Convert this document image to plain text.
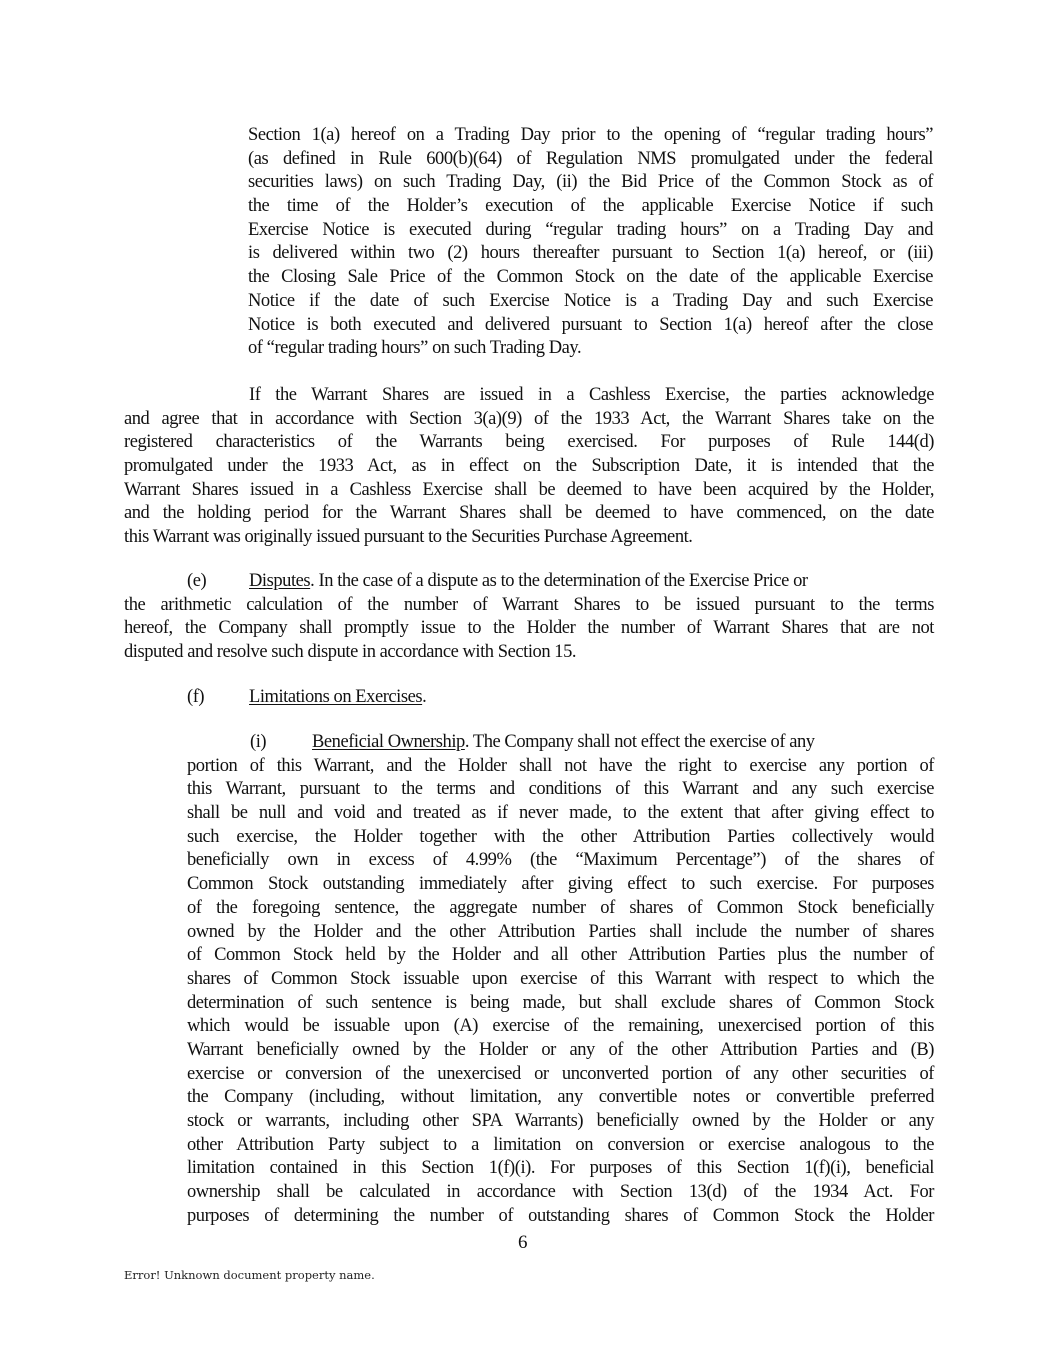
Section 1(a) hereof on a Trading Day prior to the opening of “regular trading hours”
(as defined in Rule 600(b)(64) of Regulation NMS promulgated under the federal
securities laws) on such Trading Day, (ii) the Bid Price of the Common Stock as of
the time of the Holder’s execution of the applicable Exercise Notice if such
Exercise Notice is executed during “regular trading hours” on a Trading Day and
is delivered within two (2) hours thereafter pursuant to Section 1(a) hereof, or (iii)
the Closing Sale Price of the Common Stock on the date of the applicable Exercise
Notice if the date of such Exercise Notice is a Trading Day and such Exercise
Notice is both executed and delivered pursuant to Section 1(a) hereof after the close
of “regular trading hours” on such Trading Day.
If the Warrant Shares are issued in a Cashless Exercise, the parties acknowledge
and agree that in accordance with Section 3(a)(9) of the 1933 Act, the Warrant Shares take on the
registered characteristics of the Warrants being exercised. For purposes of Rule 144(d)
promulgated under the 1933 Act, as in effect on the Subscription Date, it is intended that the
Warrant Shares issued in a Cashless Exercise shall be deemed to have been acquired by the Holder,
and the holding period for the Warrant Shares shall be deemed to have commenced, on the date
this Warrant was originally issued pursuant to the Securities Purchase Agreement.
(e) Disputes. In the case of a dispute as to the determination of the Exercise Price or
the arithmetic calculation of the number of Warrant Shares to be issued pursuant to the terms
hereof, the Company shall promptly issue to the Holder the number of Warrant Shares that are not
disputed and resolve such dispute in accordance with Section 15.
(f) Limitations on Exercises.
(i) Beneficial Ownership. The Company shall not effect the exercise of any
portion of this Warrant, and the Holder shall not have the right to exercise any portion of
this Warrant, pursuant to the terms and conditions of this Warrant and any such exercise
shall be null and void and treated as if never made, to the extent that after giving effect to
such exercise, the Holder together with the other Attribution Parties collectively would
beneficially own in excess of 4.99% (the “Maximum Percentage”) of the shares of
Common Stock outstanding immediately after giving effect to such exercise. For purposes
of the foregoing sentence, the aggregate number of shares of Common Stock beneficially
owned by the Holder and the other Attribution Parties shall include the number of shares
of Common Stock held by the Holder and all other Attribution Parties plus the number of
shares of Common Stock issuable upon exercise of this Warrant with respect to which the
determination of such sentence is being made, but shall exclude shares of Common Stock
which would be issuable upon (A) exercise of the remaining, unexercised portion of this
Warrant beneficially owned by the Holder or any of the other Attribution Parties and (B)
exercise or conversion of the unexercised or unconverted portion of any other securities of
the Company (including, without limitation, any convertible notes or convertible preferred
stock or warrants, including other SPA Warrants) beneficially owned by the Holder or any
other Attribution Party subject to a limitation on conversion or exercise analogous to the
limitation contained in this Section 1(f)(i). For purposes of this Section 1(f)(i), beneficial
ownership shall be calculated in accordance with Section 13(d) of the 1934 Act. For
purposes of determining the number of outstanding shares of Common Stock the Holder
6
Error! Unknown document property name.
